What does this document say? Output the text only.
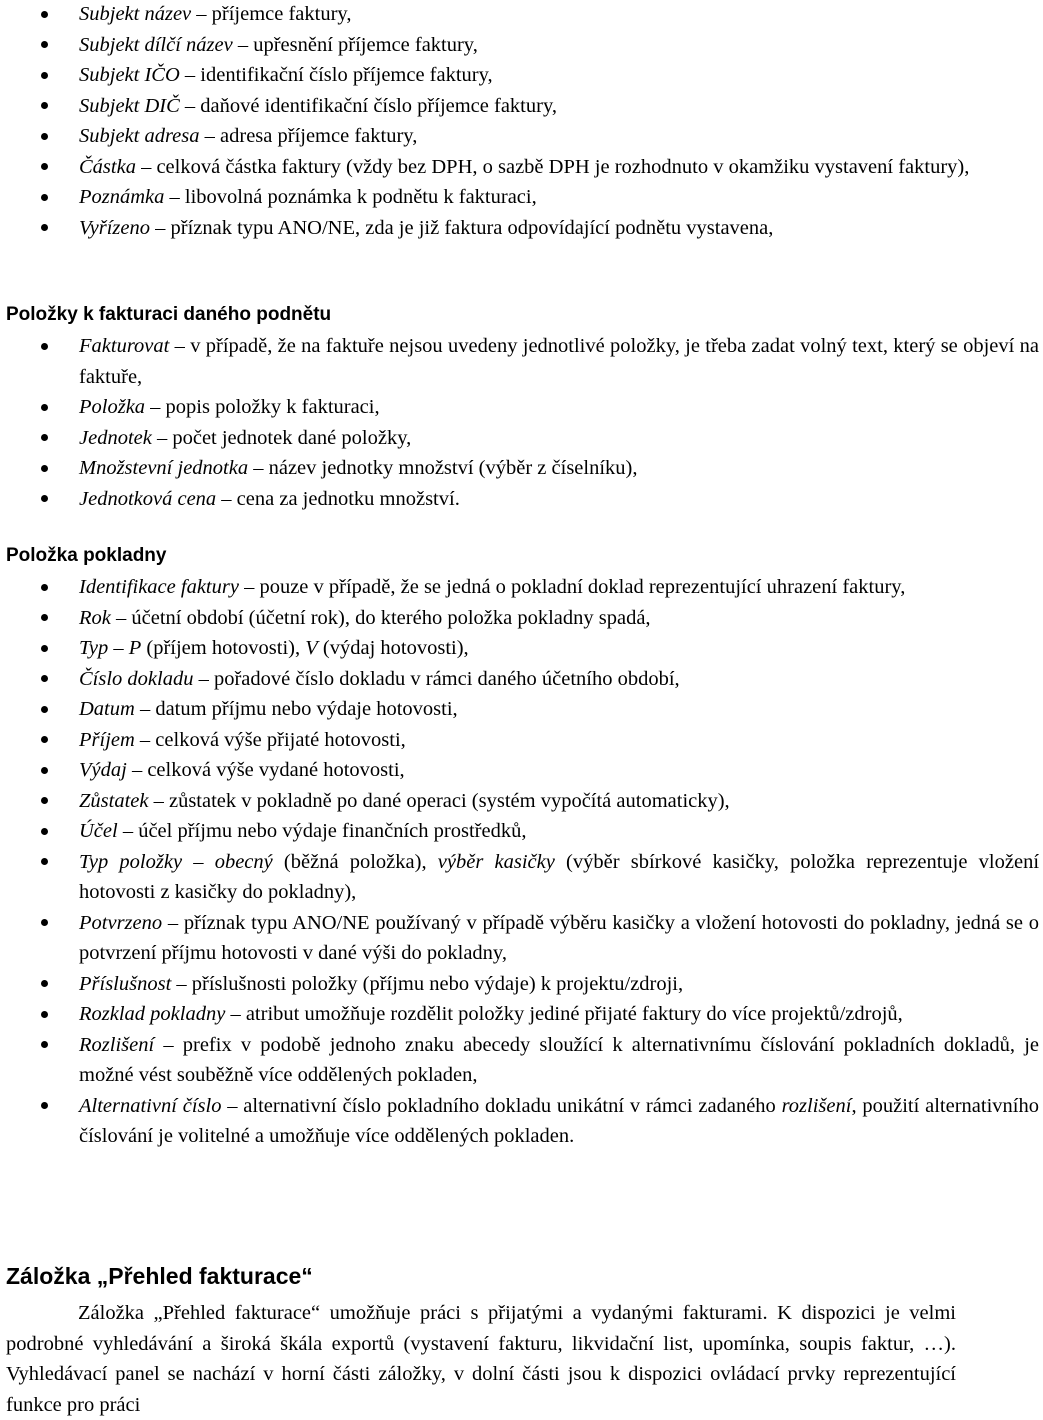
Subjekt název – příjemce faktury,
Subjekt dílčí název – upřesnění příjemce faktury,
Subjekt IČO – identifikační číslo příjemce faktury,
Subjekt DIČ – daňové identifikační číslo příjemce faktury,
Subjekt adresa – adresa příjemce faktury,
Částka – celková částka faktury (vždy bez DPH, o sazbě DPH je rozhodnuto v okamžiku vystavení faktury),
Poznámka – libovolná poznámka k podnětu k fakturaci,
Vyřízeno – příznak typu ANO/NE, zda je již faktura odpovídající podnětu vystavena,
Položky k fakturaci daného podnětu
Fakturovat – v případě, že na faktuře nejsou uvedeny jednotlivé položky, je třeba zadat volný text, který se objeví na faktuře,
Položka – popis položky k fakturaci,
Jednotek – počet jednotek dané položky,
Množstevní jednotka – název jednotky množství (výběr z číselníku),
Jednotková cena – cena za jednotku množství.
Položka pokladny
Identifikace faktury – pouze v případě, že se jedná o pokladní doklad reprezentující uhrazení faktury,
Rok – účetní období (účetní rok), do kterého položka pokladny spadá,
Typ – P (příjem hotovosti), V (výdaj hotovosti),
Číslo dokladu – pořadové číslo dokladu v rámci daného účetního období,
Datum – datum příjmu nebo výdaje hotovosti,
Příjem – celková výše přijaté hotovosti,
Výdaj – celková výše vydané hotovosti,
Zůstatek – zůstatek v pokladně po dané operaci (systém vypočítá automaticky),
Účel – účel příjmu nebo výdaje finančních prostředků,
Typ položky – obecný (běžná položka), výběr kasičky (výběr sbírkové kasičky, položka reprezentuje vložení hotovosti z kasičky do pokladny),
Potvrzeno – příznak typu ANO/NE používaný v případě výběru kasičky a vložení hotovosti do pokladny, jedná se o potvrzení příjmu hotovosti v dané výši do pokladny,
Příslušnost – příslušnosti položky (příjmu nebo výdaje) k projektu/zdroji,
Rozklad pokladny – atribut umožňuje rozdělit položky jediné přijaté faktury do více projektů/zdrojů,
Rozlišení – prefix v podobě jednoho znaku abecedy sloužící k alternativnímu číslování pokladních dokladů, je možné vést souběžně více oddělených pokladen,
Alternativní číslo – alternativní číslo pokladního dokladu unikátní v rámci zadaného rozlišení, použití alternativního číslování je volitelné a umožňuje více oddělených pokladen.
Záložka „Přehled fakturace“

Záložka „Přehled fakturace“ umožňuje práci s přijatými a vydanými fakturami. K dispozici je velmi podrobné vyhledávání a široká škála exportů (vystavení fakturu, likvidační list, upomínka, soupis faktur, …). Vyhledávací panel se nachází v horní části záložky, v dolní části jsou k dispozici ovládací prvky reprezentující funkce pro práci
